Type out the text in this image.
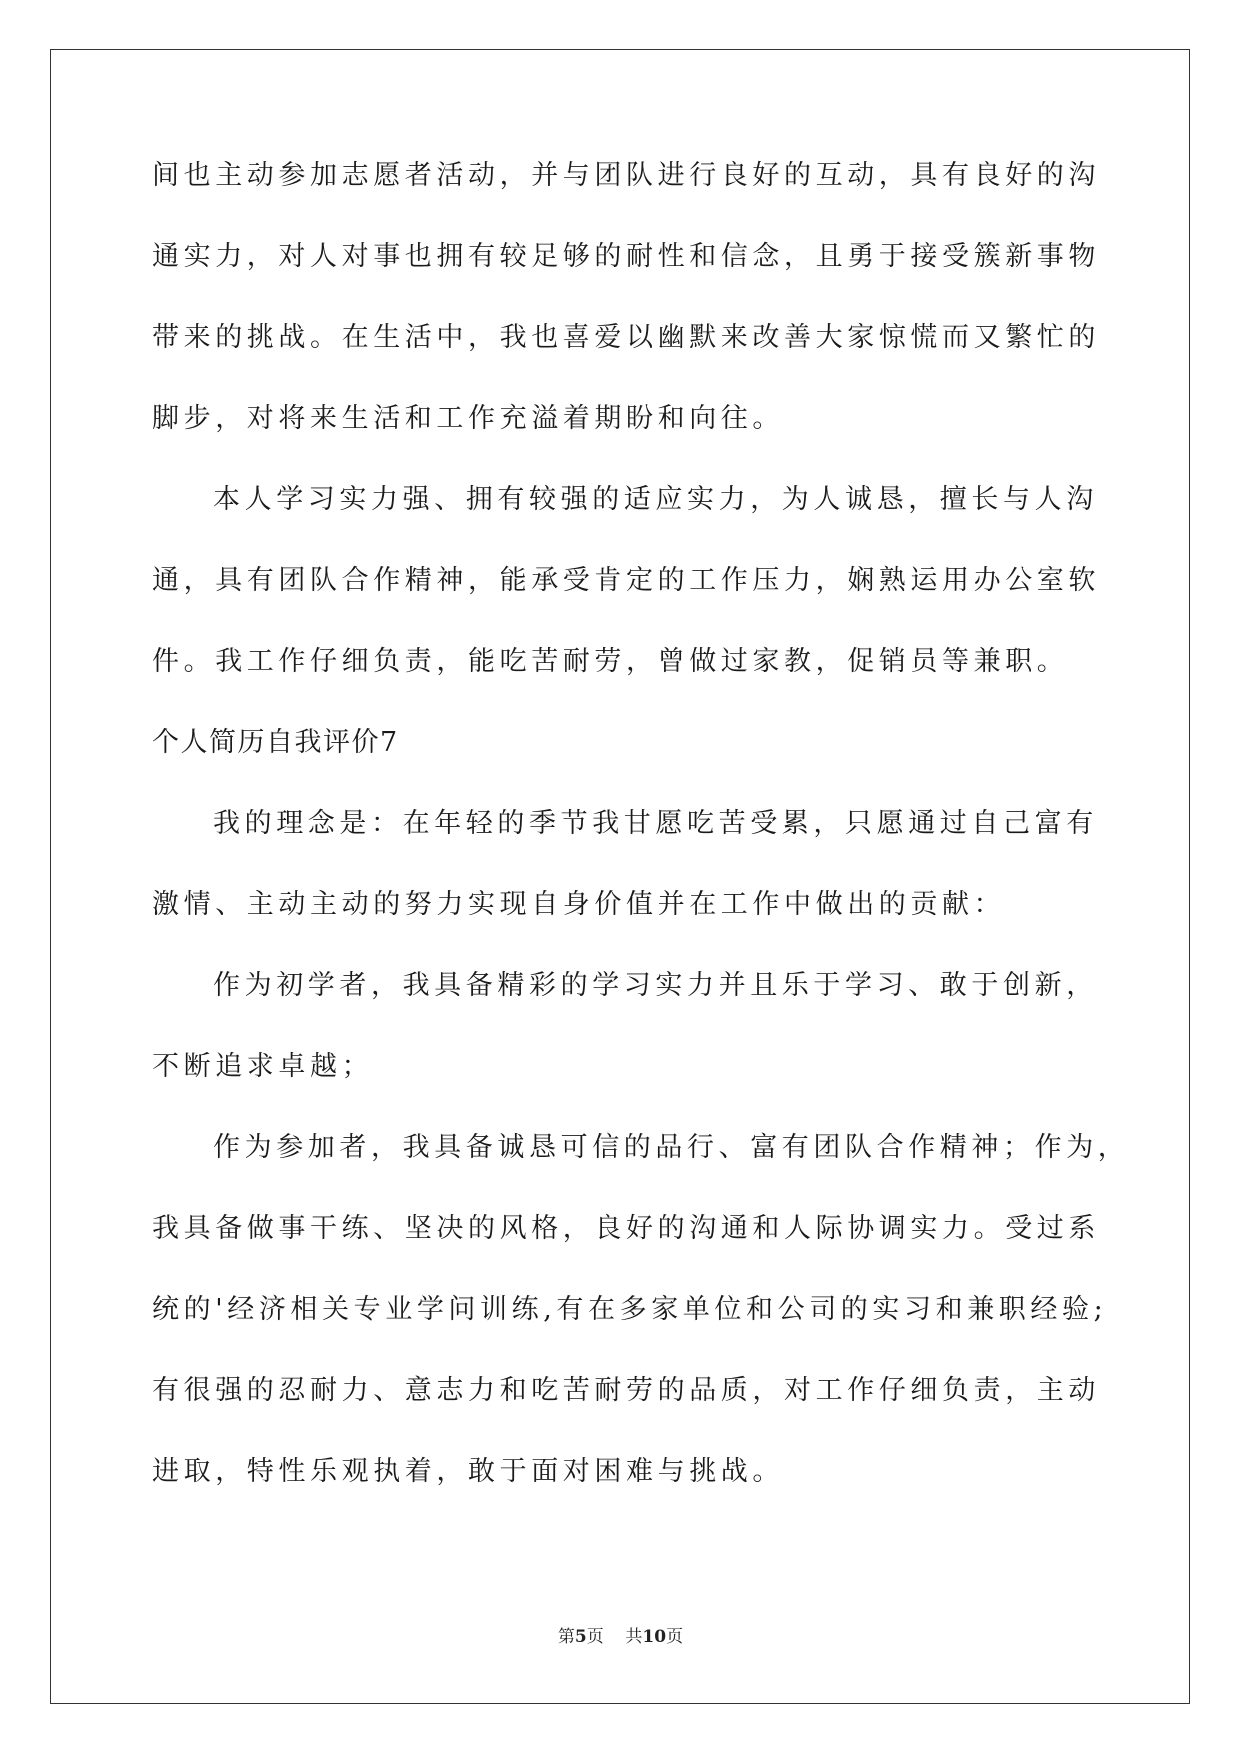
间也主动参加志愿者活动，并与团队进行良好的互动，具有良好的沟
通实力，对人对事也拥有较足够的耐性和信念，且勇于接受簇新事物
带来的挑战。在生活中，我也喜爱以幽默来改善大家惊慌而又繁忙的
脚步，对将来生活和工作充溢着期盼和向往。
本人学习实力强、拥有较强的适应实力，为人诚恳，擅长与人沟
通，具有团队合作精神，能承受肯定的工作压力，娴熟运用办公室软
件。我工作仔细负责，能吃苦耐劳，曾做过家教，促销员等兼职。
个人简历自我评价7
我的理念是：在年轻的季节我甘愿吃苦受累，只愿通过自己富有
激情、主动主动的努力实现自身价值并在工作中做出的贡献：
作为初学者，我具备精彩的学习实力并且乐于学习、敢于创新，
不断追求卓越；
作为参加者，我具备诚恳可信的品行、富有团队合作精神；作为，
我具备做事干练、坚决的风格，良好的沟通和人际协调实力。受过系
统的'经济相关专业学问训练,有在多家单位和公司的实习和兼职经验;
有很强的忍耐力、意志力和吃苦耐劳的品质，对工作仔细负责，主动
进取，特性乐观执着，敢于面对困难与挑战。
第5页 共10页
